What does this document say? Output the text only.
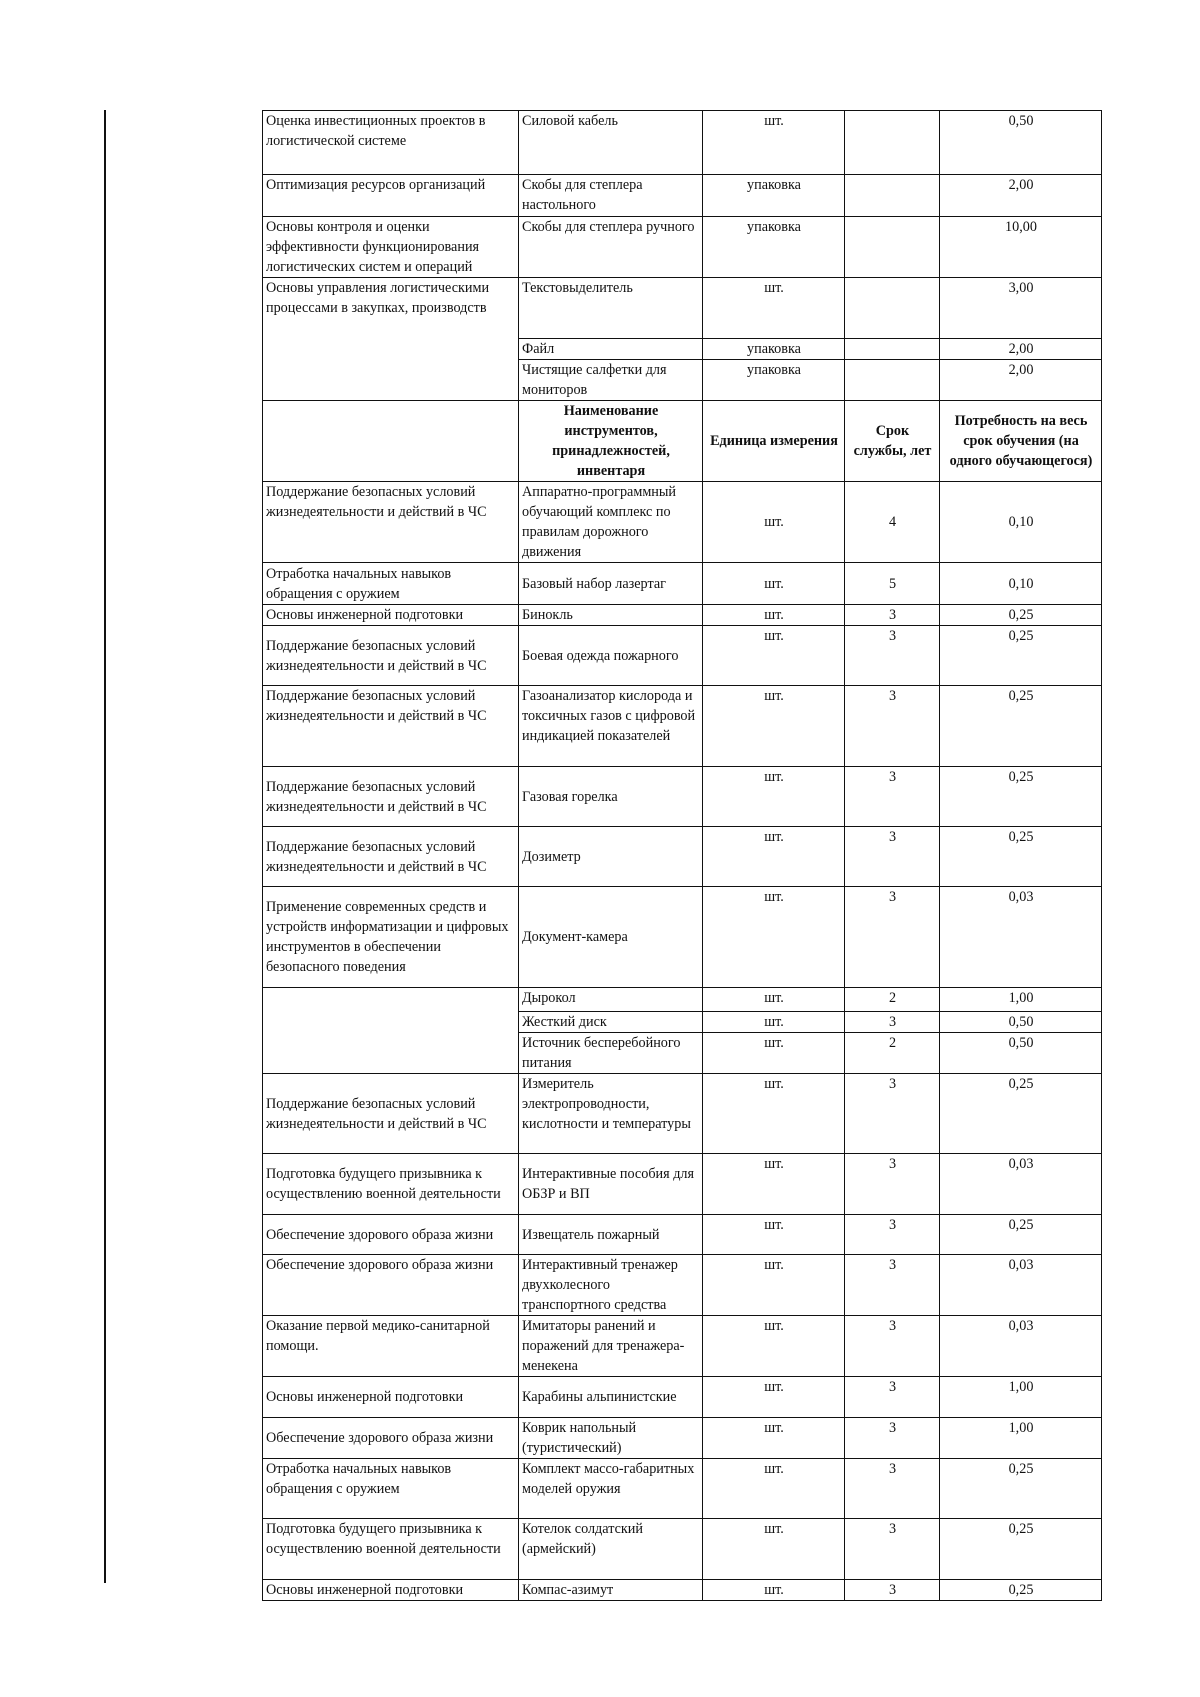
Оценка инвестиционных проектов в логистической системе	Силовой кабель	шт.		0,50
Оптимизация ресурсов организаций	Скобы для степлера настольного	упаковка		2,00
Основы контроля и оценки эффективности функционирования логистических систем и операций	Скобы для степлера ручного	упаковка		10,00
Основы управления логистическими процессами в закупках, производств	Текстовыделитель	шт.		3,00
	Файл	упаковка		2,00
	Чистящие салфетки для мониторов	упаковка		2,00
	Наименование инструментов, принадлежностей, инвентаря	Единица измерения	Срок службы, лет	Потребность на весь срок обучения (на одного обучающегося)
Поддержание безопасных условий жизнедеятельности и действий в ЧС	Аппаратно-программный обучающий комплекс по правилам дорожного движения	шт.	4	0,10
Отработка начальных навыков обращения с оружием	Базовый набор лазертаг	шт.	5	0,10
Основы инженерной подготовки	Бинокль	шт.	3	0,25
Поддержание безопасных условий жизнедеятельности и действий в ЧС	Боевая одежда пожарного	шт.	3	0,25
Поддержание безопасных условий жизнедеятельности и действий в ЧС	Газоанализатор кислорода и токсичных газов с цифровой индикацией показателей	шт.	3	0,25
Поддержание безопасных условий жизнедеятельности и действий в ЧС	Газовая горелка	шт.	3	0,25
Поддержание безопасных условий жизнедеятельности и действий в ЧС	Дозиметр	шт.	3	0,25
Применение современных средств и устройств информатизации и цифровых инструментов в обеспечении безопасного поведения	Документ-камера	шт.	3	0,03
	Дырокол	шт.	2	1,00
	Жесткий диск	шт.	3	0,50
	Источник бесперебойного питания	шт.	2	0,50
Поддержание безопасных условий жизнедеятельности и действий в ЧС	Измеритель электропроводности, кислотности и температуры	шт.	3	0,25
Подготовка будущего призывника к осуществлению военной деятельности	Интерактивные пособия для ОБЗР и ВП	шт.	3	0,03
Обеспечение здорового образа жизни	Извещатель пожарный	шт.	3	0,25
Обеспечение здорового образа жизни	Интерактивный тренажер двухколесного транспортного средства	шт.	3	0,03
Оказание первой медико-санитарной помощи.	Имитаторы ранений и поражений для тренажера-менекена	шт.	3	0,03
Основы инженерной подготовки	Карабины альпинистские	шт.	3	1,00
Обеспечение здорового образа жизни	Коврик напольный (туристический)	шт.	3	1,00
Отработка начальных навыков обращения с оружием	Комплект массо-габаритных моделей оружия	шт.	3	0,25
Подготовка будущего призывника к осуществлению военной деятельности	Котелок солдатский (армейский)	шт.	3	0,25
Основы инженерной подготовки	Компас-азимут	шт.	3	0,25
